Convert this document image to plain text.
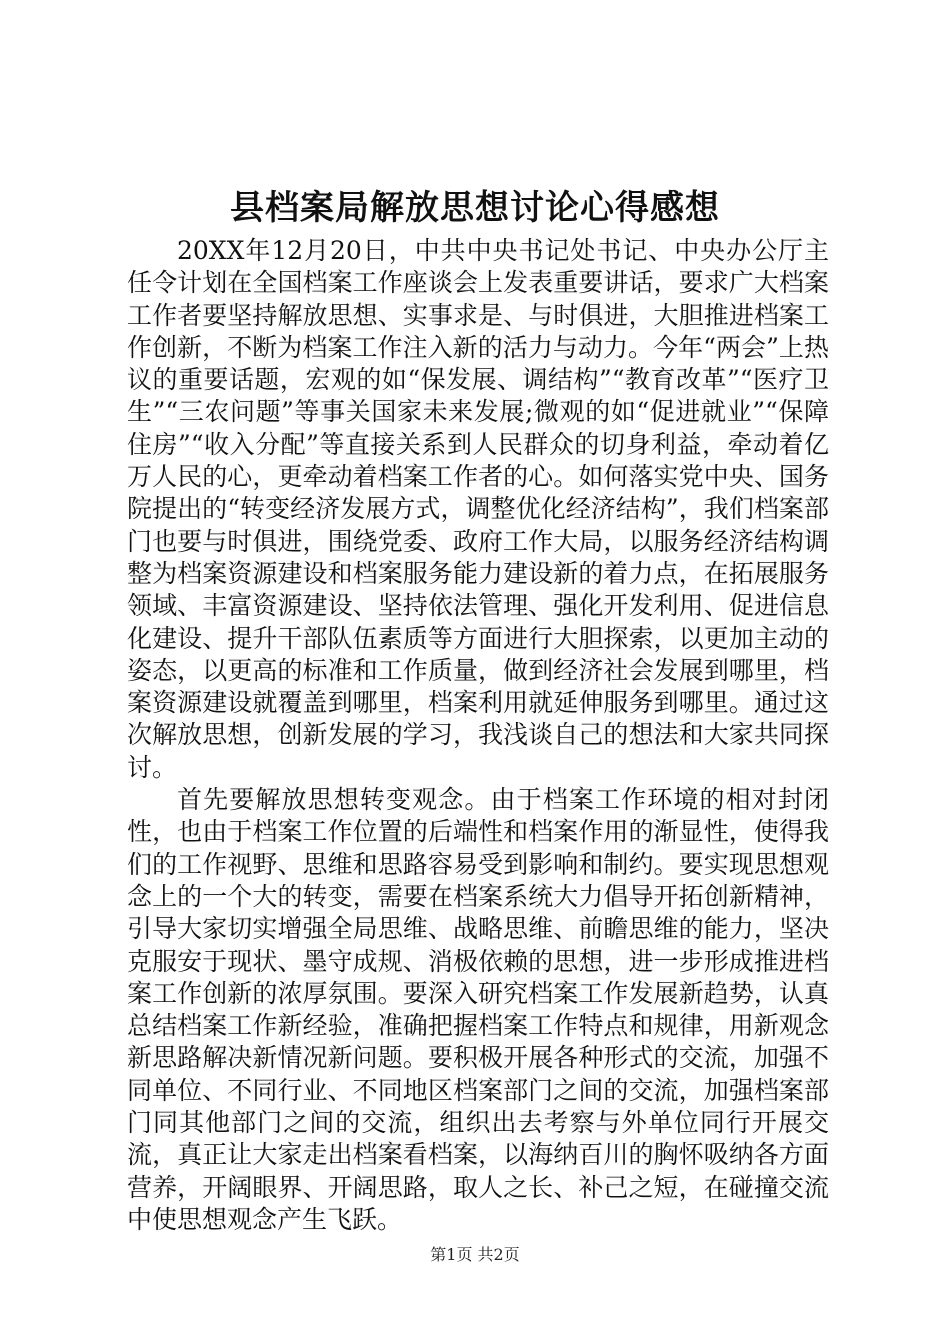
县档案局解放思想讨论心得感想

20XX年12月20日，中共中央书记处书记、中央办公厅主任令计划在全国档案工作座谈会上发表重要讲话，要求广大档案工作者要坚持解放思想、实事求是、与时俱进，大胆推进档案工作创新，不断为档案工作注入新的活力与动力。今年“两会”上热议的重要话题，宏观的如“保发展、调结构”“教育改革”“医疗卫生”“三农问题”等事关国家未来发展;微观的如“促进就业”“保障住房”“收入分配”等直接关系到人民群众的切身利益，牵动着亿万人民的心，更牵动着档案工作者的心。如何落实党中央、国务院提出的“转变经济发展方式，调整优化经济结构”，我们档案部门也要与时俱进，围绕党委、政府工作大局，以服务经济结构调整为档案资源建设和档案服务能力建设新的着力点，在拓展服务领域、丰富资源建设、坚持依法管理、强化开发利用、促进信息化建设、提升干部队伍素质等方面进行大胆探索，以更加主动的姿态，以更高的标准和工作质量，做到经济社会发展到哪里，档案资源建设就覆盖到哪里，档案利用就延伸服务到哪里。通过这次解放思想，创新发展的学习，我浅谈自己的想法和大家共同探讨。

首先要解放思想转变观念。由于档案工作环境的相对封闭性，也由于档案工作位置的后端性和档案作用的渐显性，使得我们的工作视野、思维和思路容易受到影响和制约。要实现思想观念上的一个大的转变，需要在档案系统大力倡导开拓创新精神，引导大家切实增强全局思维、战略思维、前瞻思维的能力，坚决克服安于现状、墨守成规、消极依赖的思想，进一步形成推进档案工作创新的浓厚氛围。要深入研究档案工作发展新趋势，认真总结档案工作新经验，准确把握档案工作特点和规律，用新观念新思路解决新情况新问题。要积极开展各种形式的交流，加强不同单位、不同行业、不同地区档案部门之间的交流，加强档案部门同其他部门之间的交流，组织出去考察与外单位同行开展交流，真正让大家走出档案看档案，以海纳百川的胸怀吸纳各方面营养，开阔眼界、开阔思路，取人之长、补己之短，在碰撞交流中使思想观念产生飞跃。

第1页 共2页
